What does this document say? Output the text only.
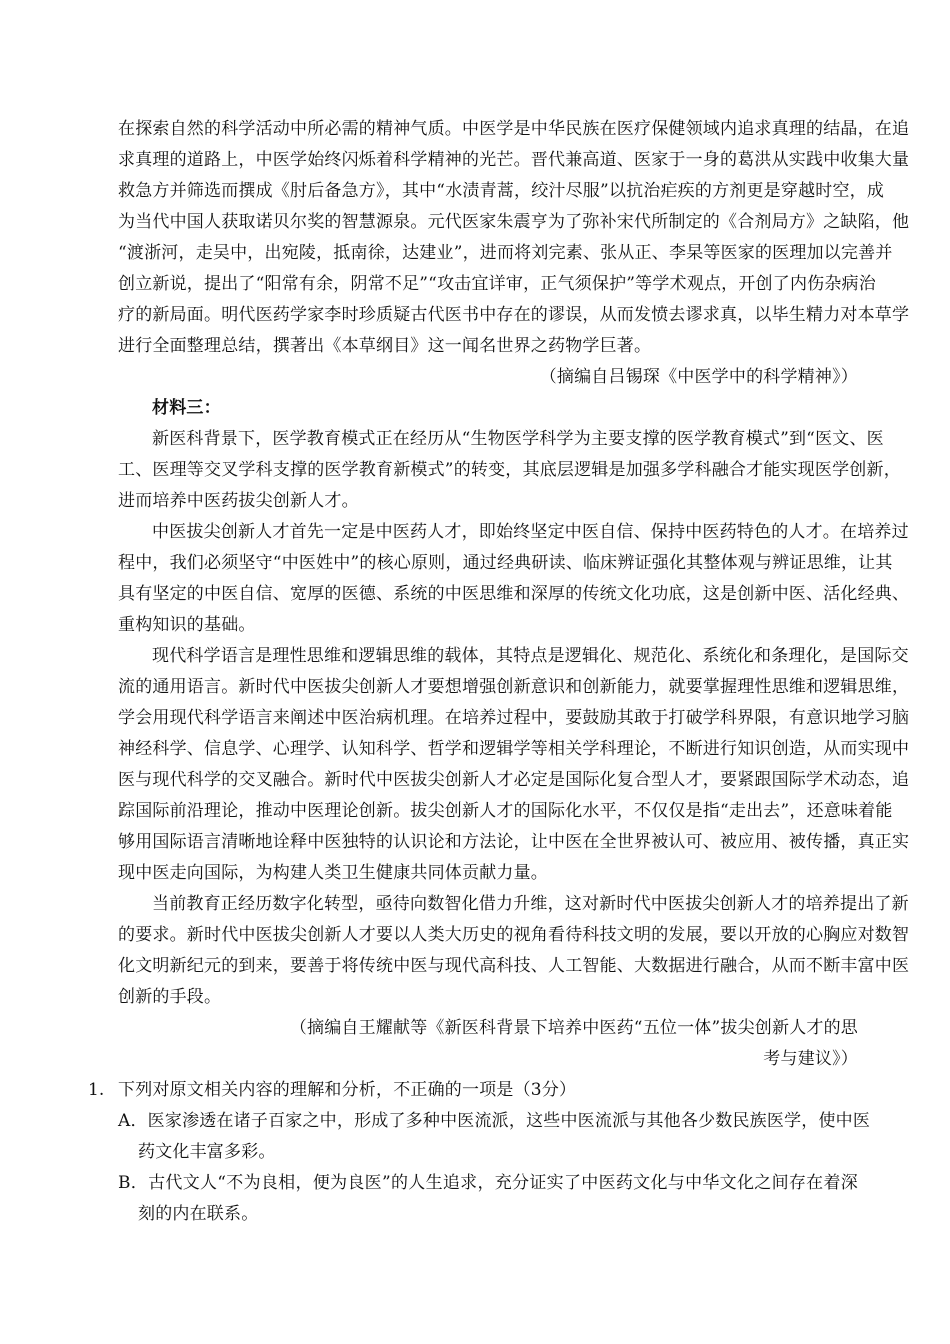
在探索自然的科学活动中所必需的精神气质。中医学是中华民族在医疗保健领域内追求真理的结晶，在追
求真理的道路上，中医学始终闪烁着科学精神的光芒。晋代兼高道、医家于一身的葛洪从实践中收集大量
救急方并筛选而撰成《肘后备急方》，其中“水渍青蒿，绞汁尽服”以抗治疟疾的方剂更是穿越时空，成
为当代中国人获取诺贝尔奖的智慧源泉。元代医家朱震亨为了弥补宋代所制定的《合剂局方》之缺陷，他
“渡浙河，走吴中，出宛陵，抵南徐，达建业”，进而将刘完素、张从正、李杲等医家的医理加以完善并
创立新说，提出了“阳常有余，阴常不足”“攻击宜详审，正气须保护”等学术观点，开创了内伤杂病治
疗的新局面。明代医药学家李时珍质疑古代医书中存在的谬误，从而发愤去谬求真，以毕生精力对本草学
进行全面整理总结，撰著出《本草纲目》这一闻名世界之药物学巨著。
（摘编自吕锡琛《中医学中的科学精神》）
材料三：
新医科背景下，医学教育模式正在经历从“生物医学科学为主要支撑的医学教育模式”到“医文、医
工、医理等交叉学科支撑的医学教育新模式”的转变，其底层逻辑是加强多学科融合才能实现医学创新，
进而培养中医药拔尖创新人才。
中医拔尖创新人才首先一定是中医药人才，即始终坚定中医自信、保持中医药特色的人才。在培养过
程中，我们必须坚守“中医姓中”的核心原则，通过经典研读、临床辨证强化其整体观与辨证思维，让其
具有坚定的中医自信、宽厚的医德、系统的中医思维和深厚的传统文化功底，这是创新中医、活化经典、
重构知识的基础。
现代科学语言是理性思维和逻辑思维的载体，其特点是逻辑化、规范化、系统化和条理化，是国际交
流的通用语言。新时代中医拔尖创新人才要想增强创新意识和创新能力，就要掌握理性思维和逻辑思维，
学会用现代科学语言来阐述中医治病机理。在培养过程中，要鼓励其敢于打破学科界限，有意识地学习脑
神经科学、信息学、心理学、认知科学、哲学和逻辑学等相关学科理论，不断进行知识创造，从而实现中
医与现代科学的交叉融合。新时代中医拔尖创新人才必定是国际化复合型人才，要紧跟国际学术动态，追
踪国际前沿理论，推动中医理论创新。拔尖创新人才的国际化水平，不仅仅是指“走出去”，还意味着能
够用国际语言清晰地诠释中医独特的认识论和方法论，让中医在全世界被认可、被应用、被传播，真正实
现中医走向国际，为构建人类卫生健康共同体贡献力量。
当前教育正经历数字化转型，亟待向数智化借力升维，这对新时代中医拔尖创新人才的培养提出了新
的要求。新时代中医拔尖创新人才要以人类大历史的视角看待科技文明的发展，要以开放的心胸应对数智
化文明新纪元的到来，要善于将传统中医与现代高科技、人工智能、大数据进行融合，从而不断丰富中医
创新的手段。
（摘编自王耀献等《新医科背景下培养中医药“五位一体”拔尖创新人才的思
考与建议》）
1. 下列对原文相关内容的理解和分析，不正确的一项是（3分）
A．医家渗透在诸子百家之中，形成了多种中医流派，这些中医流派与其他各少数民族医学，使中医
药文化丰富多彩。
B．古代文人“不为良相，便为良医”的人生追求，充分证实了中医药文化与中华文化之间存在着深
刻的内在联系。
